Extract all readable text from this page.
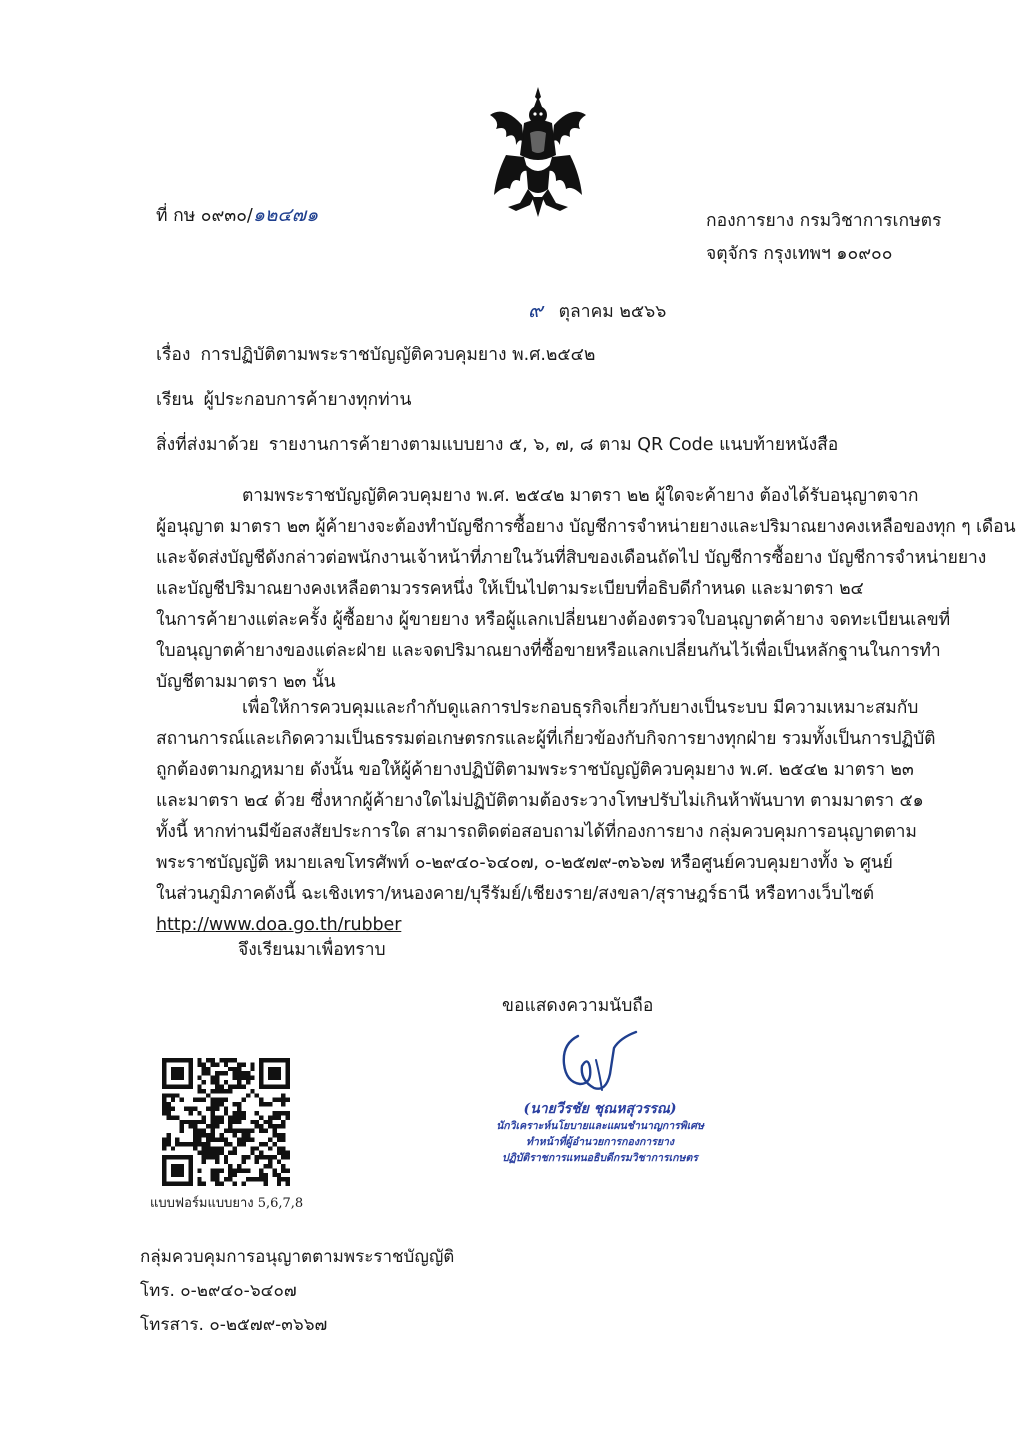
ที่ กษ ๐๙๓๐/๑๒๔๗๑	กองการยาง กรมวิชาการเกษตร
จตุจักร กรุงเทพฯ ๑๐๙๐๐
๙ ตุลาคม ๒๕๖๖
เรื่อง การปฏิบัติตามพระราชบัญญัติควบคุมยาง พ.ศ.๒๕๔๒
เรียน ผู้ประกอบการค้ายางทุกท่าน
สิ่งที่ส่งมาด้วย รายงานการค้ายางตามแบบยาง ๕, ๖, ๗, ๘ ตาม QR Code แนบท้ายหนังสือ
ตามพระราชบัญญัติควบคุมยาง พ.ศ. ๒๕๔๒ มาตรา ๒๒ ผู้ใดจะค้ายาง ต้องได้รับอนุญาตจาก
ผู้อนุญาต มาตรา ๒๓ ผู้ค้ายางจะต้องทำบัญชีการซื้อยาง บัญชีการจำหน่ายยางและปริมาณยางคงเหลือของทุก ๆ เดือน
และจัดส่งบัญชีดังกล่าวต่อพนักงานเจ้าหน้าที่ภายในวันที่สิบของเดือนถัดไป บัญชีการซื้อยาง บัญชีการจำหน่ายยาง
และบัญชีปริมาณยางคงเหลือตามวรรคหนึ่ง ให้เป็นไปตามระเบียบที่อธิบดีกำหนด และมาตรา ๒๔
ในการค้ายางแต่ละครั้ง ผู้ซื้อยาง ผู้ขายยาง หรือผู้แลกเปลี่ยนยางต้องตรวจใบอนุญาตค้ายาง จดทะเบียนเลขที่
ใบอนุญาตค้ายางของแต่ละฝ่าย และจดปริมาณยางที่ซื้อขายหรือแลกเปลี่ยนกันไว้เพื่อเป็นหลักฐานในการทำ
บัญชีตามมาตรา ๒๓ นั้น
เพื่อให้การควบคุมและกำกับดูแลการประกอบธุรกิจเกี่ยวกับยางเป็นระบบ มีความเหมาะสมกับ
สถานการณ์และเกิดความเป็นธรรมต่อเกษตรกรและผู้ที่เกี่ยวข้องกับกิจการยางทุกฝ่าย รวมทั้งเป็นการปฏิบัติ
ถูกต้องตามกฎหมาย ดังนั้น ขอให้ผู้ค้ายางปฏิบัติตามพระราชบัญญัติควบคุมยาง พ.ศ. ๒๕๔๒ มาตรา ๒๓
และมาตรา ๒๔ ด้วย ซึ่งหากผู้ค้ายางใดไม่ปฏิบัติตามต้องระวางโทษปรับไม่เกินห้าพันบาท ตามมาตรา ๕๑
ทั้งนี้ หากท่านมีข้อสงสัยประการใด สามารถติดต่อสอบถามได้ที่กองการยาง กลุ่มควบคุมการอนุญาตตาม
พระราชบัญญัติ หมายเลขโทรศัพท์ ๐-๒๙๔๐-๖๔๐๗, ๐-๒๕๗๙-๓๖๖๗ หรือศูนย์ควบคุมยางทั้ง ๖ ศูนย์
ในส่วนภูมิภาคดังนี้ ฉะเชิงเทรา/หนองคาย/บุรีรัมย์/เชียงราย/สงขลา/สุราษฎร์ธานี หรือทางเว็บไซต์
http://www.doa.go.th/rubber
จึงเรียนมาเพื่อทราบ
ขอแสดงความนับถือ
(นายวีรชัย ชุณหสุวรรณ)
นักวิเคราะห์นโยบายและแผนชำนาญการพิเศษ
ทำหน้าที่ผู้อำนวยการกองการยาง
ปฏิบัติราชการแทนอธิบดีกรมวิชาการเกษตร
แบบฟอร์มแบบยาง 5,6,7,8
กลุ่มควบคุมการอนุญาตตามพระราชบัญญัติ
โทร. ๐-๒๙๔๐-๖๔๐๗
โทรสาร. ๐-๒๕๗๙-๓๖๖๗
